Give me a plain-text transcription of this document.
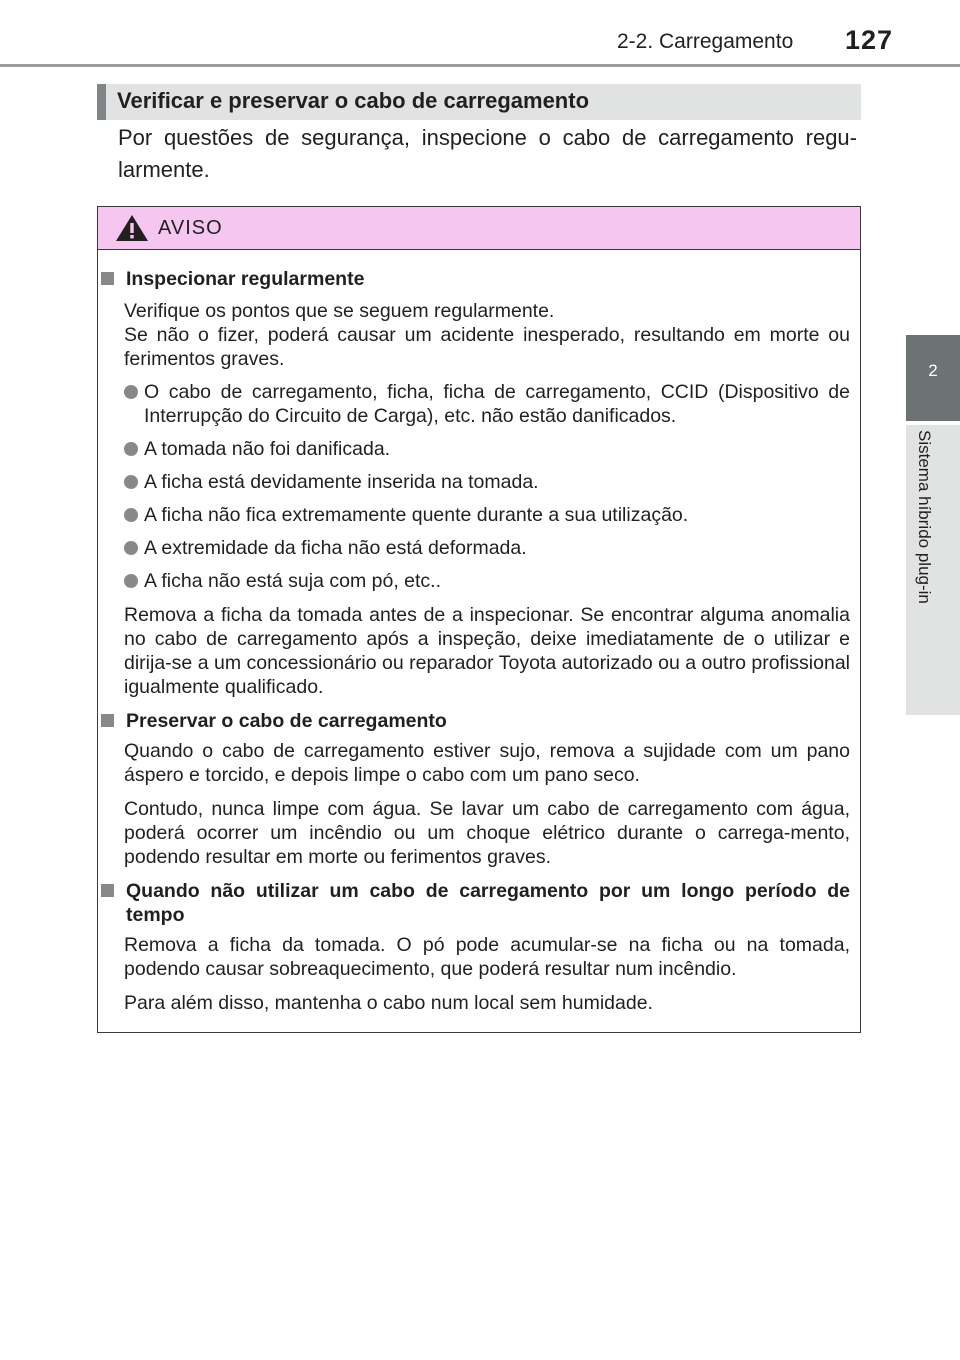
2-2. Carregamento 127
2
Sistema híbrido plug-in
Verificar e preservar o cabo de carregamento
Por questões de segurança, inspecione o cabo de carregamento regu-larmente.
AVISO
Inspecionar regularmente
Verifique os pontos que se seguem regularmente.
Se não o fizer, poderá causar um acidente inesperado, resultando em morte ou ferimentos graves.
O cabo de carregamento, ficha, ficha de carregamento, CCID (Dispositivo de Interrupção do Circuito de Carga), etc. não estão danificados.
A tomada não foi danificada.
A ficha está devidamente inserida na tomada.
A ficha não fica extremamente quente durante a sua utilização.
A extremidade da ficha não está deformada.
A ficha não está suja com pó, etc..
Remova a ficha da tomada antes de a inspecionar. Se encontrar alguma anomalia no cabo de carregamento após a inspeção, deixe imediatamente de o utilizar e dirija-se a um concessionário ou reparador Toyota autorizado ou a outro profissional igualmente qualificado.
Preservar o cabo de carregamento
Quando o cabo de carregamento estiver sujo, remova a sujidade com um pano áspero e torcido, e depois limpe o cabo com um pano seco.
Contudo, nunca limpe com água. Se lavar um cabo de carregamento com água, poderá ocorrer um incêndio ou um choque elétrico durante o carrega-mento, podendo resultar em morte ou ferimentos graves.
Quando não utilizar um cabo de carregamento por um longo período de tempo
Remova a ficha da tomada. O pó pode acumular-se na ficha ou na tomada, podendo causar sobreaquecimento, que poderá resultar num incêndio.
Para além disso, mantenha o cabo num local sem humidade.
